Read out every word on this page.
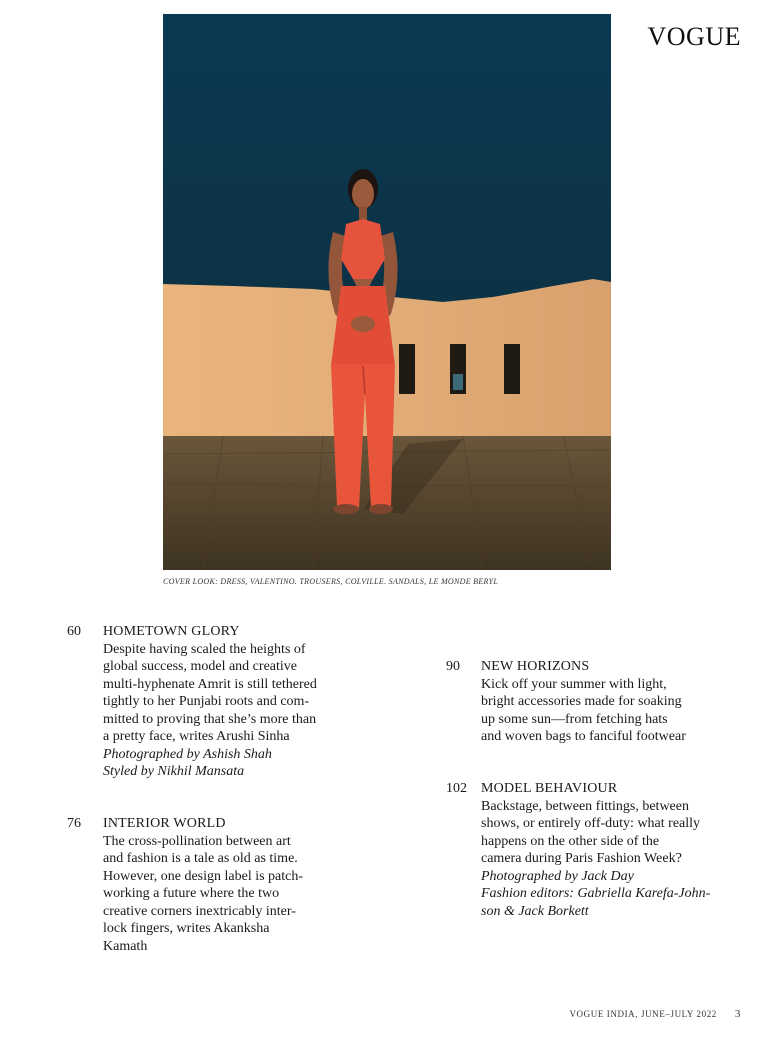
VOGUE
COVER LOOK: DRESS, VALENTINO. TROUSERS, COLVILLE. SANDALS, LE MONDE BERYL
60 HOMETOWN GLORY
Despite having scaled the heights of
global success, model and creative
multi-hyphenate Amrit is still tethered
tightly to her Punjabi roots and com-
mitted to proving that she’s more than
a pretty face, writes Arushi Sinha
Photographed by Ashish Shah
Styled by Nikhil Mansata
76 INTERIOR WORLD
The cross-pollination between art
and fashion is a tale as old as time.
However, one design label is patch-
working a future where the two
creative corners inextricably inter-
lock fingers, writes Akanksha
Kamath
90 NEW HORIZONS
Kick off your summer with light,
bright accessories made for soaking
up some sun—from fetching hats
and woven bags to fanciful footwear
102 MODEL BEHAVIOUR
Backstage, between fittings, between
shows, or entirely off-duty: what really
happens on the other side of the
camera during Paris Fashion Week?
Photographed by Jack Day
Fashion editors: Gabriella Karefa-John-
son & Jack Borkett
VOGUE INDIA, JUNE–JULY 2022 3
